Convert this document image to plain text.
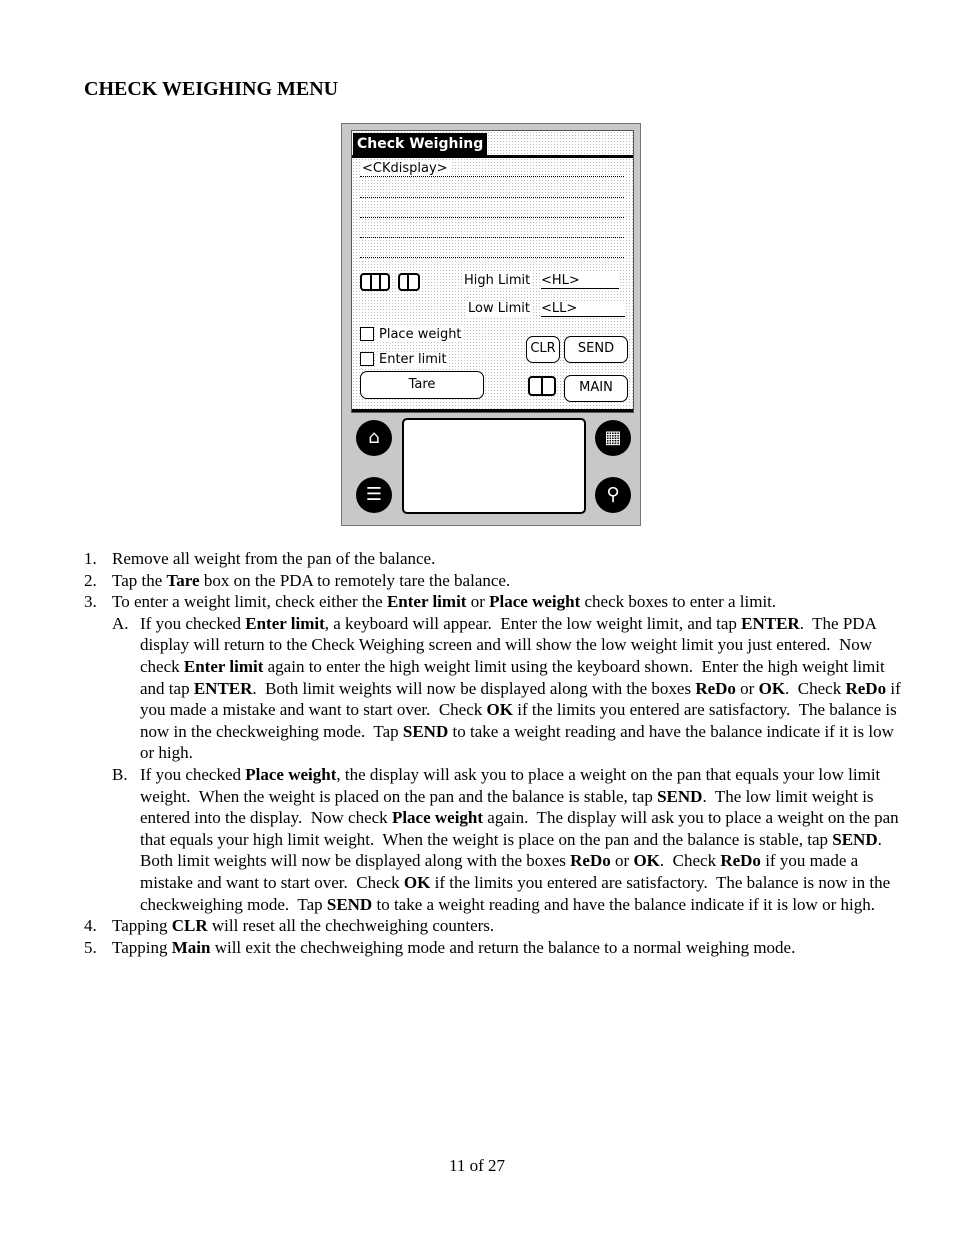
CHECK WEIGHING MENU
Check Weighing
<CKdisplay>
High Limit <HL>
Low Limit <LL>
Place weight
Enter limit
CLR	SEND
Tare	MAIN
⌂	▦
☰	⚲
1. Remove all weight from the pan of the balance.
2. Tap the Tare box on the PDA to remotely tare the balance.
3. To enter a weight limit, check either the Enter limit or Place weight check boxes to enter a limit.
A. If you checked Enter limit, a keyboard will appear.  Enter the low weight limit, and tap ENTER.  The PDA display will return to the Check Weighing screen and will show the low weight limit you just entered.  Now check Enter limit again to enter the high weight limit using the keyboard shown.  Enter the high weight limit and tap ENTER.  Both limit weights will now be displayed along with the boxes ReDo or OK.  Check ReDo if you made a mistake and want to start over.  Check OK if the limits you entered are satisfactory.  The balance is now in the checkweighing mode.  Tap SEND to take a weight reading and have the balance indicate if it is low or high.
B. If you checked Place weight, the display will ask you to place a weight on the pan that equals your low limit weight.  When the weight is placed on the pan and the balance is stable, tap SEND.  The low limit weight is entered into the display.  Now check Place weight again.  The display will ask you to place a weight on the pan that equals your high limit weight.  When the weight is place on the pan and the balance is stable, tap SEND.  Both limit weights will now be displayed along with the boxes ReDo or OK.  Check ReDo if you made a mistake and want to start over.  Check OK if the limits you entered are satisfactory.  The balance is now in the checkweighing mode.  Tap SEND to take a weight reading and have the balance indicate if it is low or high.
4. Tapping CLR will reset all the chechweighing counters.
5. Tapping Main will exit the chechweighing mode and return the balance to a normal weighing mode.
11 of 27
